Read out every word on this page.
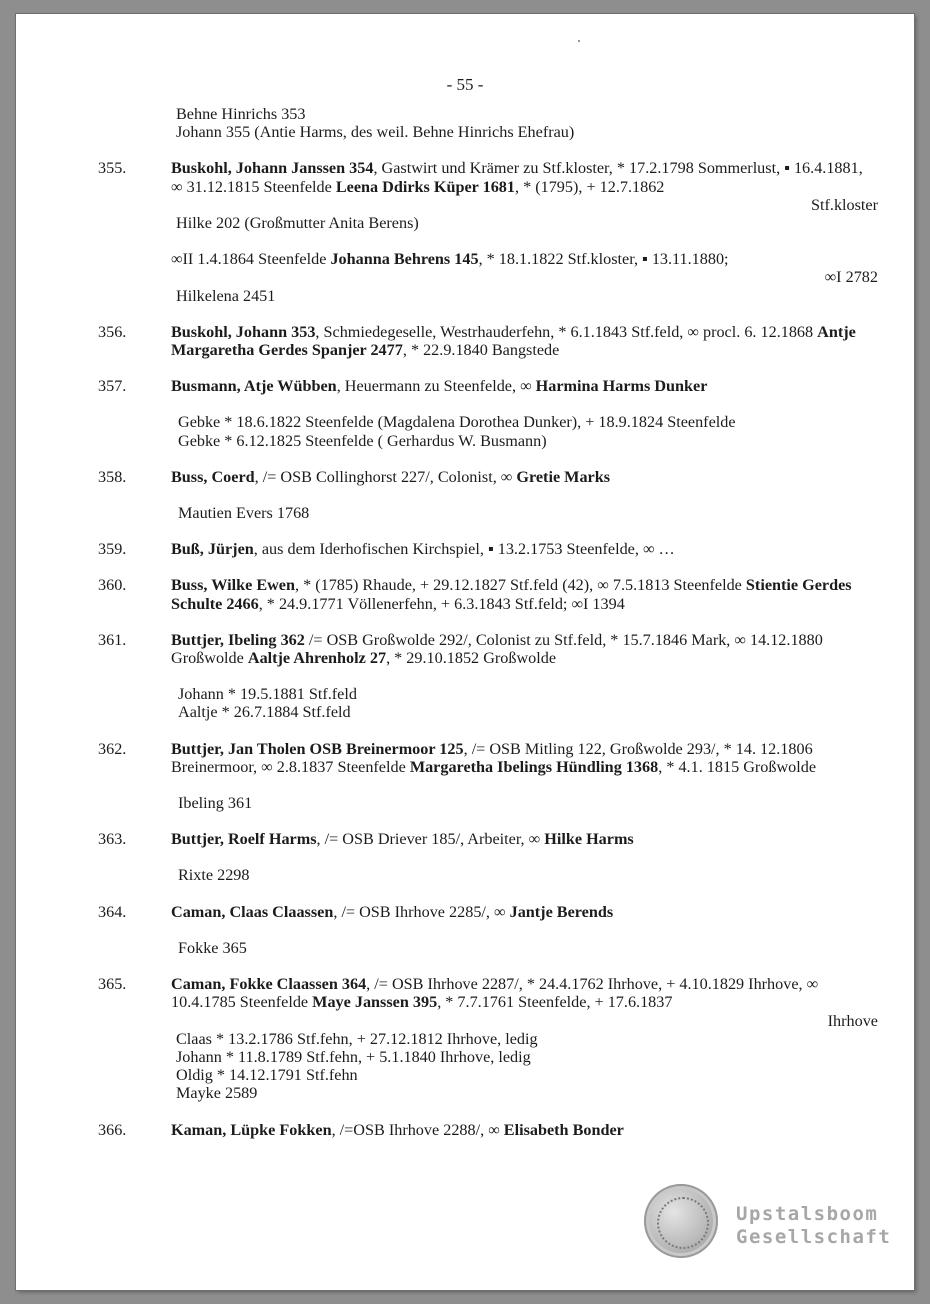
- 55 -
Behne Hinrichs 353
Johann 355 (Antie Harms, des weil. Behne Hinrichs Ehefrau)
355.	Buskohl, Johann Janssen 354, Gastwirt und Krämer zu Stf.kloster, * 17.2.1798 Sommerlust, ▪ 16.4.1881, ∞ 31.12.1815 Steenfelde Leena Ddirks Küper 1681, * (1795), + 12.7.1862
Stf.kloster
Hilke 202 (Großmutter Anita Berens)
∞II 1.4.1864 Steenfelde Johanna Behrens 145, * 18.1.1822 Stf.kloster, ▪ 13.11.1880;
∞I 2782
Hilkelena 2451
356.	Buskohl, Johann 353, Schmiedegeselle, Westrhauderfehn, * 6.1.1843 Stf.feld, ∞ procl. 6. 12.1868 Antje Margaretha Gerdes Spanjer 2477, * 22.9.1840 Bangstede
357.	Busmann, Atje Wübben, Heuermann zu Steenfelde, ∞ Harmina Harms Dunker
Gebke * 18.6.1822 Steenfelde (Magdalena Dorothea Dunker), + 18.9.1824 Steenfelde
Gebke * 6.12.1825 Steenfelde ( Gerhardus W. Busmann)
358.	Buss, Coerd, /= OSB Collinghorst 227/, Colonist, ∞ Gretie Marks
Mautien Evers 1768
359.	Buß, Jürjen, aus dem Iderhofischen Kirchspiel, ▪ 13.2.1753 Steenfelde, ∞ …
360.	Buss, Wilke Ewen, * (1785) Rhaude, + 29.12.1827 Stf.feld (42), ∞ 7.5.1813 Steenfelde Stientie Gerdes Schulte 2466, * 24.9.1771 Völlenerfehn, + 6.3.1843 Stf.feld; ∞I 1394
361.	Buttjer, Ibeling 362 /= OSB Großwolde 292/, Colonist zu Stf.feld, * 15.7.1846 Mark, ∞ 14.12.1880 Großwolde Aaltje Ahrenholz 27, * 29.10.1852 Großwolde
Johann * 19.5.1881 Stf.feld
Aaltje * 26.7.1884 Stf.feld
362.	Buttjer, Jan Tholen OSB Breinermoor 125, /= OSB Mitling 122, Großwolde 293/, * 14. 12.1806 Breinermoor, ∞ 2.8.1837 Steenfelde Margaretha Ibelings Hündling 1368, * 4.1. 1815 Großwolde
Ibeling 361
363.	Buttjer, Roelf Harms, /= OSB Driever 185/, Arbeiter, ∞ Hilke Harms
Rixte 2298
364.	Caman, Claas Claassen, /= OSB Ihrhove 2285/, ∞ Jantje Berends
Fokke 365
365.	Caman, Fokke Claassen 364, /= OSB Ihrhove 2287/, * 24.4.1762 Ihrhove, + 4.10.1829 Ihrhove, ∞ 10.4.1785 Steenfelde Maye Janssen 395, * 7.7.1761 Steenfelde, + 17.6.1837
Ihrhove
Claas * 13.2.1786 Stf.fehn, + 27.12.1812 Ihrhove, ledig
Johann * 11.8.1789 Stf.fehn, + 5.1.1840 Ihrhove, ledig
Oldig * 14.12.1791 Stf.fehn
Mayke 2589
366.	Kaman, Lüpke Fokken, /=OSB Ihrhove 2288/, ∞ Elisabeth Bonder
Upstalsboom
Gesellschaft
